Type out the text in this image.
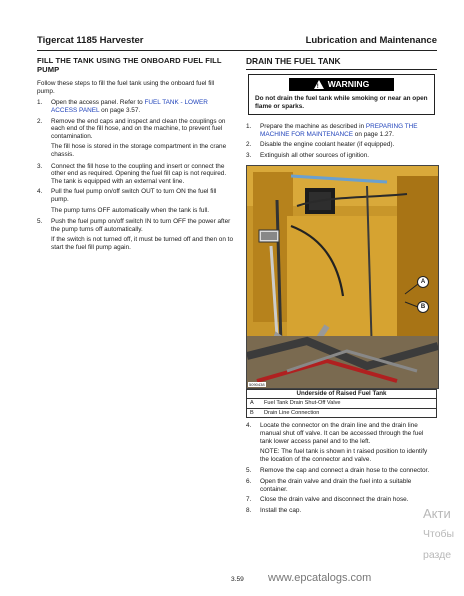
Tigercat 1185 Harvester	Lubrication and Maintenance
FILL THE TANK USING THE ONBOARD FUEL FILL PUMP

Follow these steps to fill the fuel tank using the onboard fuel fill pump.

1.	Open the access panel. Refer to FUEL TANK - LOWER ACCESS PANEL on page 3.57.
2.	Remove the end caps and inspect and clean the couplings on each end of the fill hose, and on the machine, to prevent fuel contamination.
The fill hose is stored in the storage compartment in the crane chassis.
3.	Connect the fill hose to the coupling and insert or connect the other end as required. Opening the fuel fill cap is not required. The tank is equipped with an external vent line.
4.	Pull the fuel pump on/off switch OUT to turn ON the fuel fill pump.
The pump turns OFF automatically when the tank is full.
5.	Push the fuel pump on/off switch IN to turn OFF the power after the pump turns off automatically.
If the switch is not turned off, it must be turned off and then on to start the fuel fill pump again.
DRAIN THE FUEL TANK
! WARNING
Do not drain the fuel tank while smoking or near an open flame or sparks.
1.	Prepare the machine as described in PREPARING THE MACHINE FOR MAINTENANCE on page 1.27.
2.	Disable the engine coolant heater (if equipped).
3.	Extinguish all other sources of ignition.
A
B
5090438
Underside of Raised Fuel Tank	
A	Fuel Tank Drain Shut-Off Valve
B	Drain Line Connection
4.	Locate the connector on the drain line and the drain line manual shut off valve. It can be accessed through the fuel tank lower access panel and to the left.
NOTE: The fuel tank is shown in t raised position to identify the location of the connector and valve.
5.	Remove the cap and connect a drain hose to the connector.
6.	Open the drain valve and drain the fuel into a suitable container.
7.	Close the drain valve and disconnect the drain hose.
8.	Install the cap.
3.59 www.epcatalogs.com
Акти
Чтобы
разде
